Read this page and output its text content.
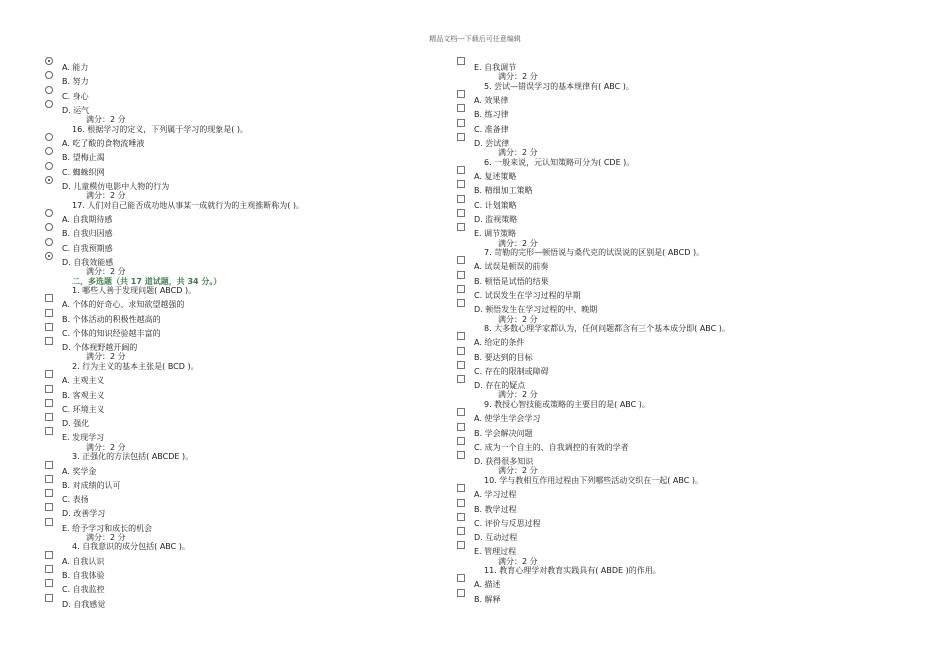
精品文档---下载后可任意编辑
A. 能力
B. 努力
C. 身心
D. 运气
满分：2 分
16. 根据学习的定义，下列属于学习的现象是( )。
A. 吃了酸的食物流唾液
B. 望梅止渴
C. 蜘蛛织网
D. 儿童模仿电影中人物的行为
满分：2 分
17. 人们对自己能否成功地从事某一成就行为的主观推断称为( )。
A. 自我期待感
B. 自我归因感
C. 自我预期感
D. 自我效能感
满分：2 分
二、多选题（共 17 道试题，共 34 分。）
1. 哪些人善于发现问题( ABCD )。
A. 个体的好奇心、求知欲望越强的
B. 个体活动的积极性越高的
C. 个体的知识经验越丰富的
D. 个体视野越开阔的
满分：2 分
2. 行为主义的基本主张是( BCD )。
A. 主观主义
B. 客观主义
C. 环境主义
D. 强化
E. 发现学习
满分：2 分
3. 正强化的方法包括( ABCDE )。
A. 奖学金
B. 对成绩的认可
C. 表扬
D. 改善学习
E. 给予学习和成长的机会
满分：2 分
4. 自我意识的成分包括( ABC )。
A. 自我认识
B. 自我体验
C. 自我监控
D. 自我感觉
E. 自我调节
满分：2 分
5. 尝试—错误学习的基本规律有( ABC )。
A. 效果律
B. 练习律
C. 准备律
D. 尝试律
满分：2 分
6. 一般来说，元认知策略可分为( CDE )。
A. 复述策略
B. 精细加工策略
C. 计划策略
D. 监视策略
E. 调节策略
满分：2 分
7. 苛勒的完形—顿悟说与桑代克的试误说的区别是( ABCD )。
A. 试误是顿误的前奏
B. 顿悟是试悟的结果
C. 试误发生在学习过程的早期
D. 顿悟发生在学习过程的中、晚期
满分：2 分
8. 大多数心理学家都认为，任何问题都含有三个基本成分即( ABC )。
A. 给定的条件
B. 要达到的目标
C. 存在的限制或障碍
D. 存在的疑点
满分：2 分
9. 教授心智技能或策略的主要目的是( ABC )。
A. 使学生学会学习
B. 学会解决问题
C. 成为一个自主的、自我调控的有效的学者
D. 获得很多知识
满分：2 分
10. 学与教相互作用过程由下列哪些活动交织在一起( ABC )。
A. 学习过程
B. 教学过程
C. 评价与反思过程
D. 互动过程
E. 管理过程
满分：2 分
11. 教育心理学对教育实践具有( ABDE )的作用。
A. 描述
B. 解释
